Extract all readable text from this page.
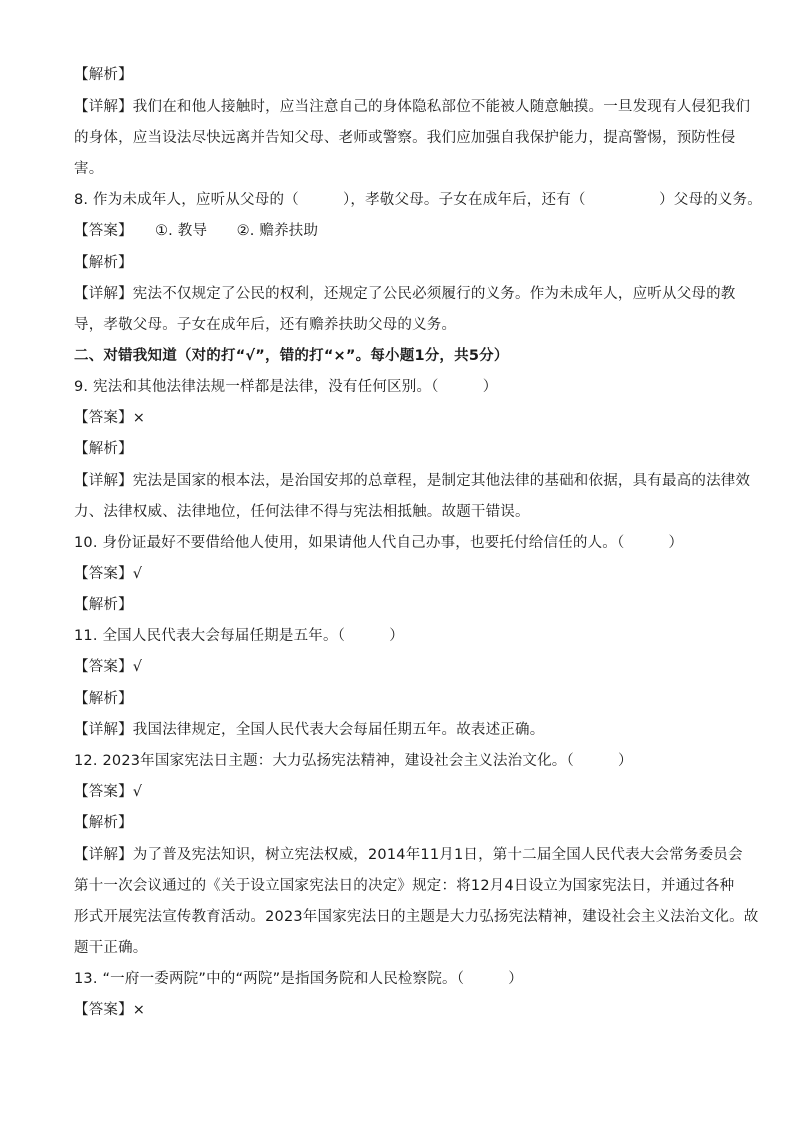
【解析】
【详解】我们在和他人接触时，应当注意自己的身体隐私部位不能被人随意触摸。一旦发现有人侵犯我们
的身体，应当设法尽快远离并告知父母、老师或警察。我们应加强自我保护能力，提高警惕，预防性侵
害。
8. 作为未成年人，应听从父母的（　　　），孝敬父母。子女在成年后，还有（　　　　　）父母的义务。
【答案】　　①. 教导　　②. 赡养扶助
【解析】
【详解】宪法不仅规定了公民的权利，还规定了公民必须履行的义务。作为未成年人，应听从父母的教
导，孝敬父母。子女在成年后，还有赡养扶助父母的义务。
二、对错我知道（对的打“√”，错的打“×”。每小题1分，共5分）
9. 宪法和其他法律法规一样都是法律，没有任何区别。（　　　）
【答案】×
【解析】
【详解】宪法是国家的根本法，是治国安邦的总章程，是制定其他法律的基础和依据，具有最高的法律效
力、法律权威、法律地位，任何法律不得与宪法相抵触。故题干错误。
10. 身份证最好不要借给他人使用，如果请他人代自己办事，也要托付给信任的人。（　　　）
【答案】√
【解析】
11. 全国人民代表大会每届任期是五年。（　　　）
【答案】√
【解析】
【详解】我国法律规定，全国人民代表大会每届任期五年。故表述正确。
12. 2023年国家宪法日主题：大力弘扬宪法精神，建设社会主义法治文化。（　　　）
【答案】√
【解析】
【详解】为了普及宪法知识，树立宪法权威，2014年11月1日，第十二届全国人民代表大会常务委员会
第十一次会议通过的《关于设立国家宪法日的决定》规定：将12月4日设立为国家宪法日，并通过各种
形式开展宪法宣传教育活动。2023年国家宪法日的主题是大力弘扬宪法精神，建设社会主义法治文化。故
题干正确。
13. “一府一委两院”中的“两院”是指国务院和人民检察院。（　　　）
【答案】×
